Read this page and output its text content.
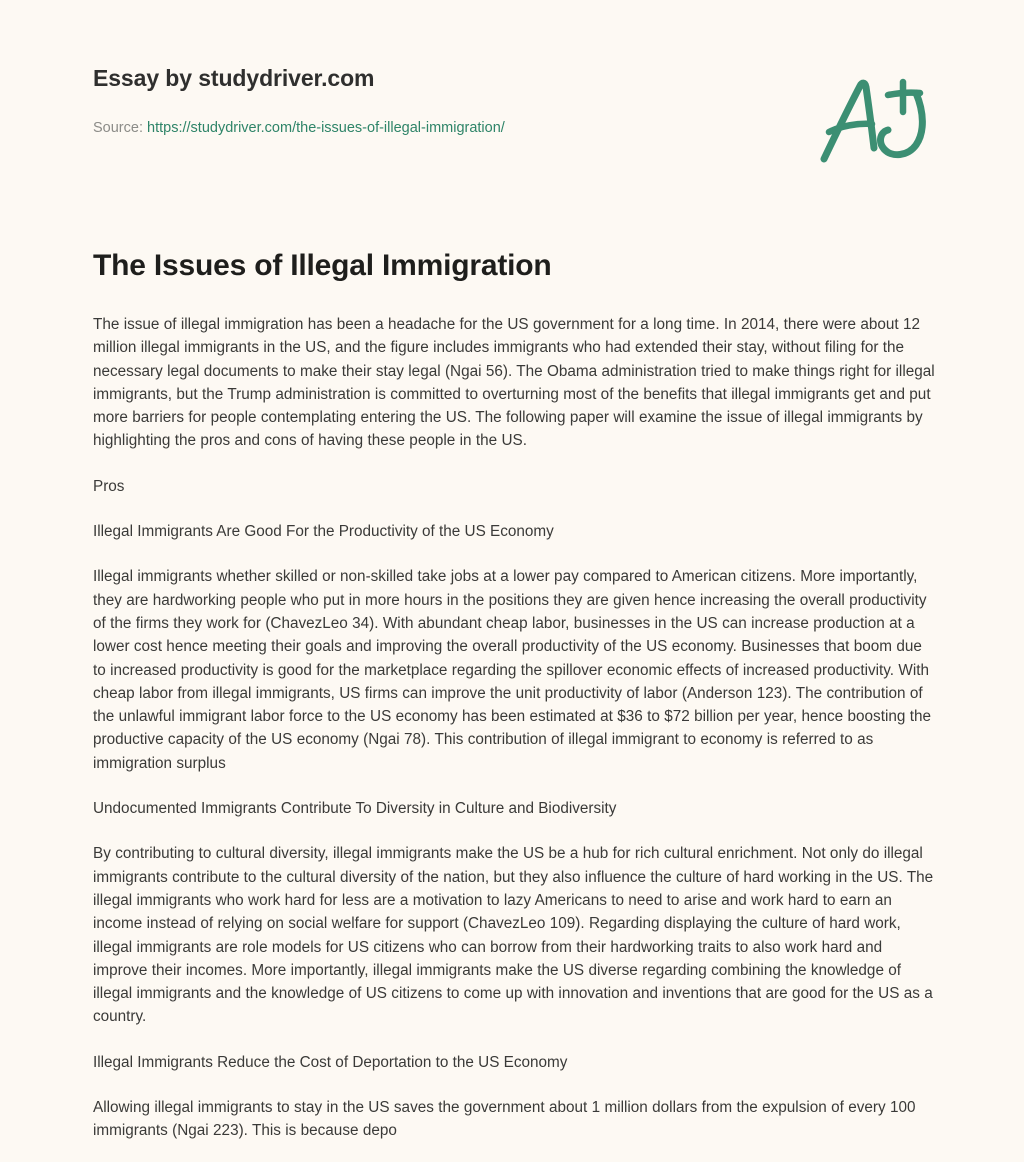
Essay by studydriver.com
Source: https://studydriver.com/the-issues-of-illegal-immigration/
The Issues of Illegal Immigration

The issue of illegal immigration has been a headache for the US government for a long time. In 2014, there were about 12 million illegal immigrants in the US, and the figure includes immigrants who had extended their stay, without filing for the necessary legal documents to make their stay legal (Ngai 56). The Obama administration tried to make things right for illegal immigrants, but the Trump administration is committed to overturning most of the benefits that illegal immigrants get and put more barriers for people contemplating entering the US. The following paper will examine the issue of illegal immigrants by highlighting the pros and cons of having these people in the US.

Pros
Illegal Immigrants Are Good For the Productivity of the US Economy

Illegal immigrants whether skilled or non-skilled take jobs at a lower pay compared to American citizens. More importantly, they are hardworking people who put in more hours in the positions they are given hence increasing the overall productivity of the firms they work for (ChavezLeo 34). With abundant cheap labor, businesses in the US can increase production at a lower cost hence meeting their goals and improving the overall productivity of the US economy. Businesses that boom due to increased productivity is good for the marketplace regarding the spillover economic effects of increased productivity. With cheap labor from illegal immigrants, US firms can improve the unit productivity of labor (Anderson 123). The contribution of the unlawful immigrant labor force to the US economy has been estimated at $36 to $72 billion per year, hence boosting the productive capacity of the US economy (Ngai 78). This contribution of illegal immigrant to economy is referred to as immigration surplus

Undocumented Immigrants Contribute To Diversity in Culture and Biodiversity

By contributing to cultural diversity, illegal immigrants make the US be a hub for rich cultural enrichment. Not only do illegal immigrants contribute to the cultural diversity of the nation, but they also influence the culture of hard working in the US. The illegal immigrants who work hard for less are a motivation to lazy Americans to need to arise and work hard to earn an income instead of relying on social welfare for support (ChavezLeo 109). Regarding displaying the culture of hard work, illegal immigrants are role models for US citizens who can borrow from their hardworking traits to also work hard and improve their incomes. More importantly, illegal immigrants make the US diverse regarding combining the knowledge of illegal immigrants and the knowledge of US citizens to come up with innovation and inventions that are good for the US as a country.

Illegal Immigrants Reduce the Cost of Deportation to the US Economy

Allowing illegal immigrants to stay in the US saves the government about 1 million dollars from the expulsion of every 100 immigrants (Ngai 223). This is because depo
